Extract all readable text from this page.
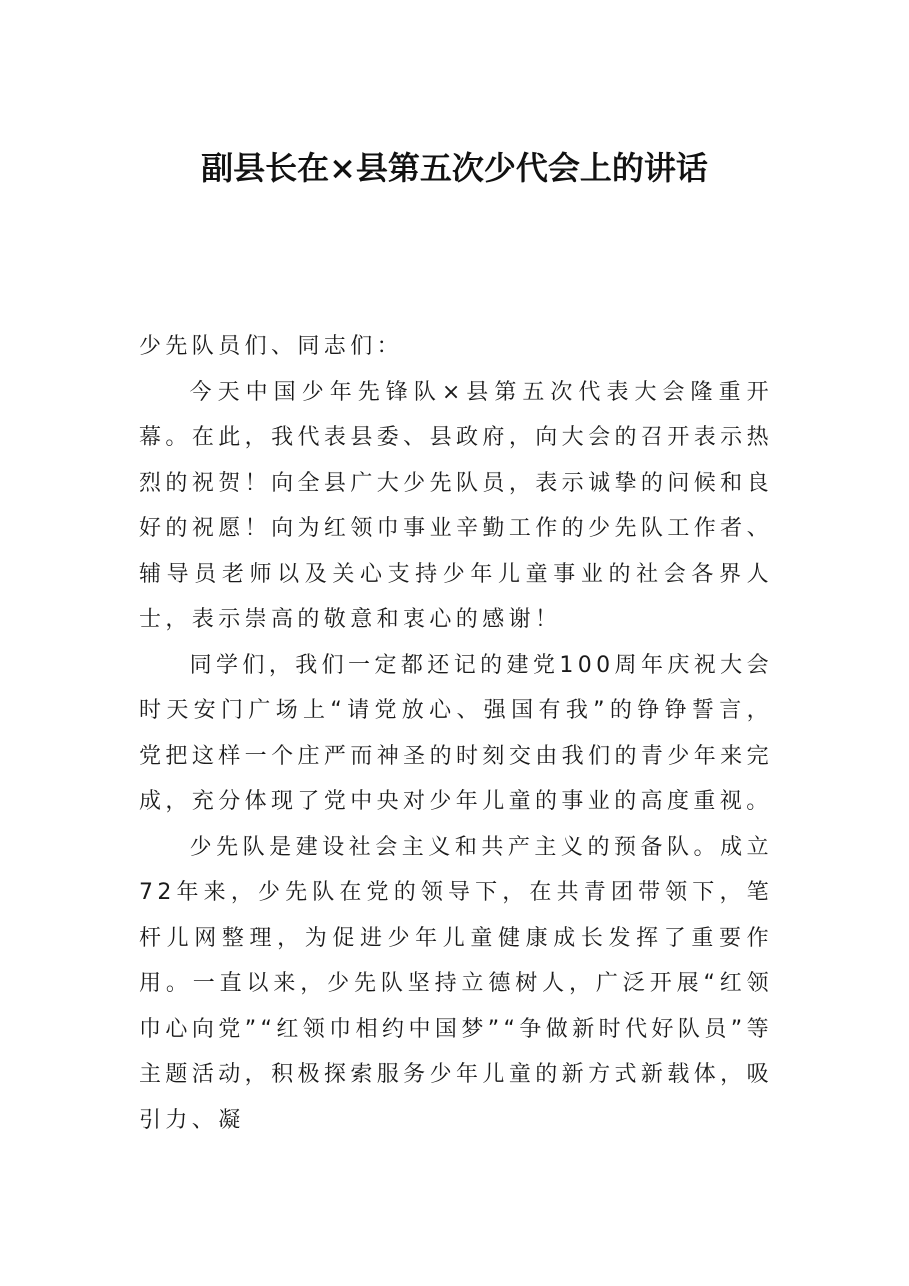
副县长在×县第五次少代会上的讲话

少先队员们、同志们：

今天中国少年先锋队×县第五次代表大会隆重开幕。在此，我代表县委、县政府，向大会的召开表示热烈的祝贺！向全县广大少先队员，表示诚挚的问候和良好的祝愿！向为红领巾事业辛勤工作的少先队工作者、辅导员老师以及关心支持少年儿童事业的社会各界人士，表示崇高的敬意和衷心的感谢！

同学们，我们一定都还记的建党100周年庆祝大会时天安门广场上“请党放心、强国有我”的铮铮誓言，党把这样一个庄严而神圣的时刻交由我们的青少年来完成，充分体现了党中央对少年儿童的事业的高度重视。

少先队是建设社会主义和共产主义的预备队。成立72年来，少先队在党的领导下，在共青团带领下，笔杆儿网整理，为促进少年儿童健康成长发挥了重要作用。一直以来，少先队坚持立德树人，广泛开展“红领巾心向党”“红领巾相约中国梦”“争做新时代好队员”等主题活动，积极探索服务少年儿童的新方式新载体，吸引力、凝
